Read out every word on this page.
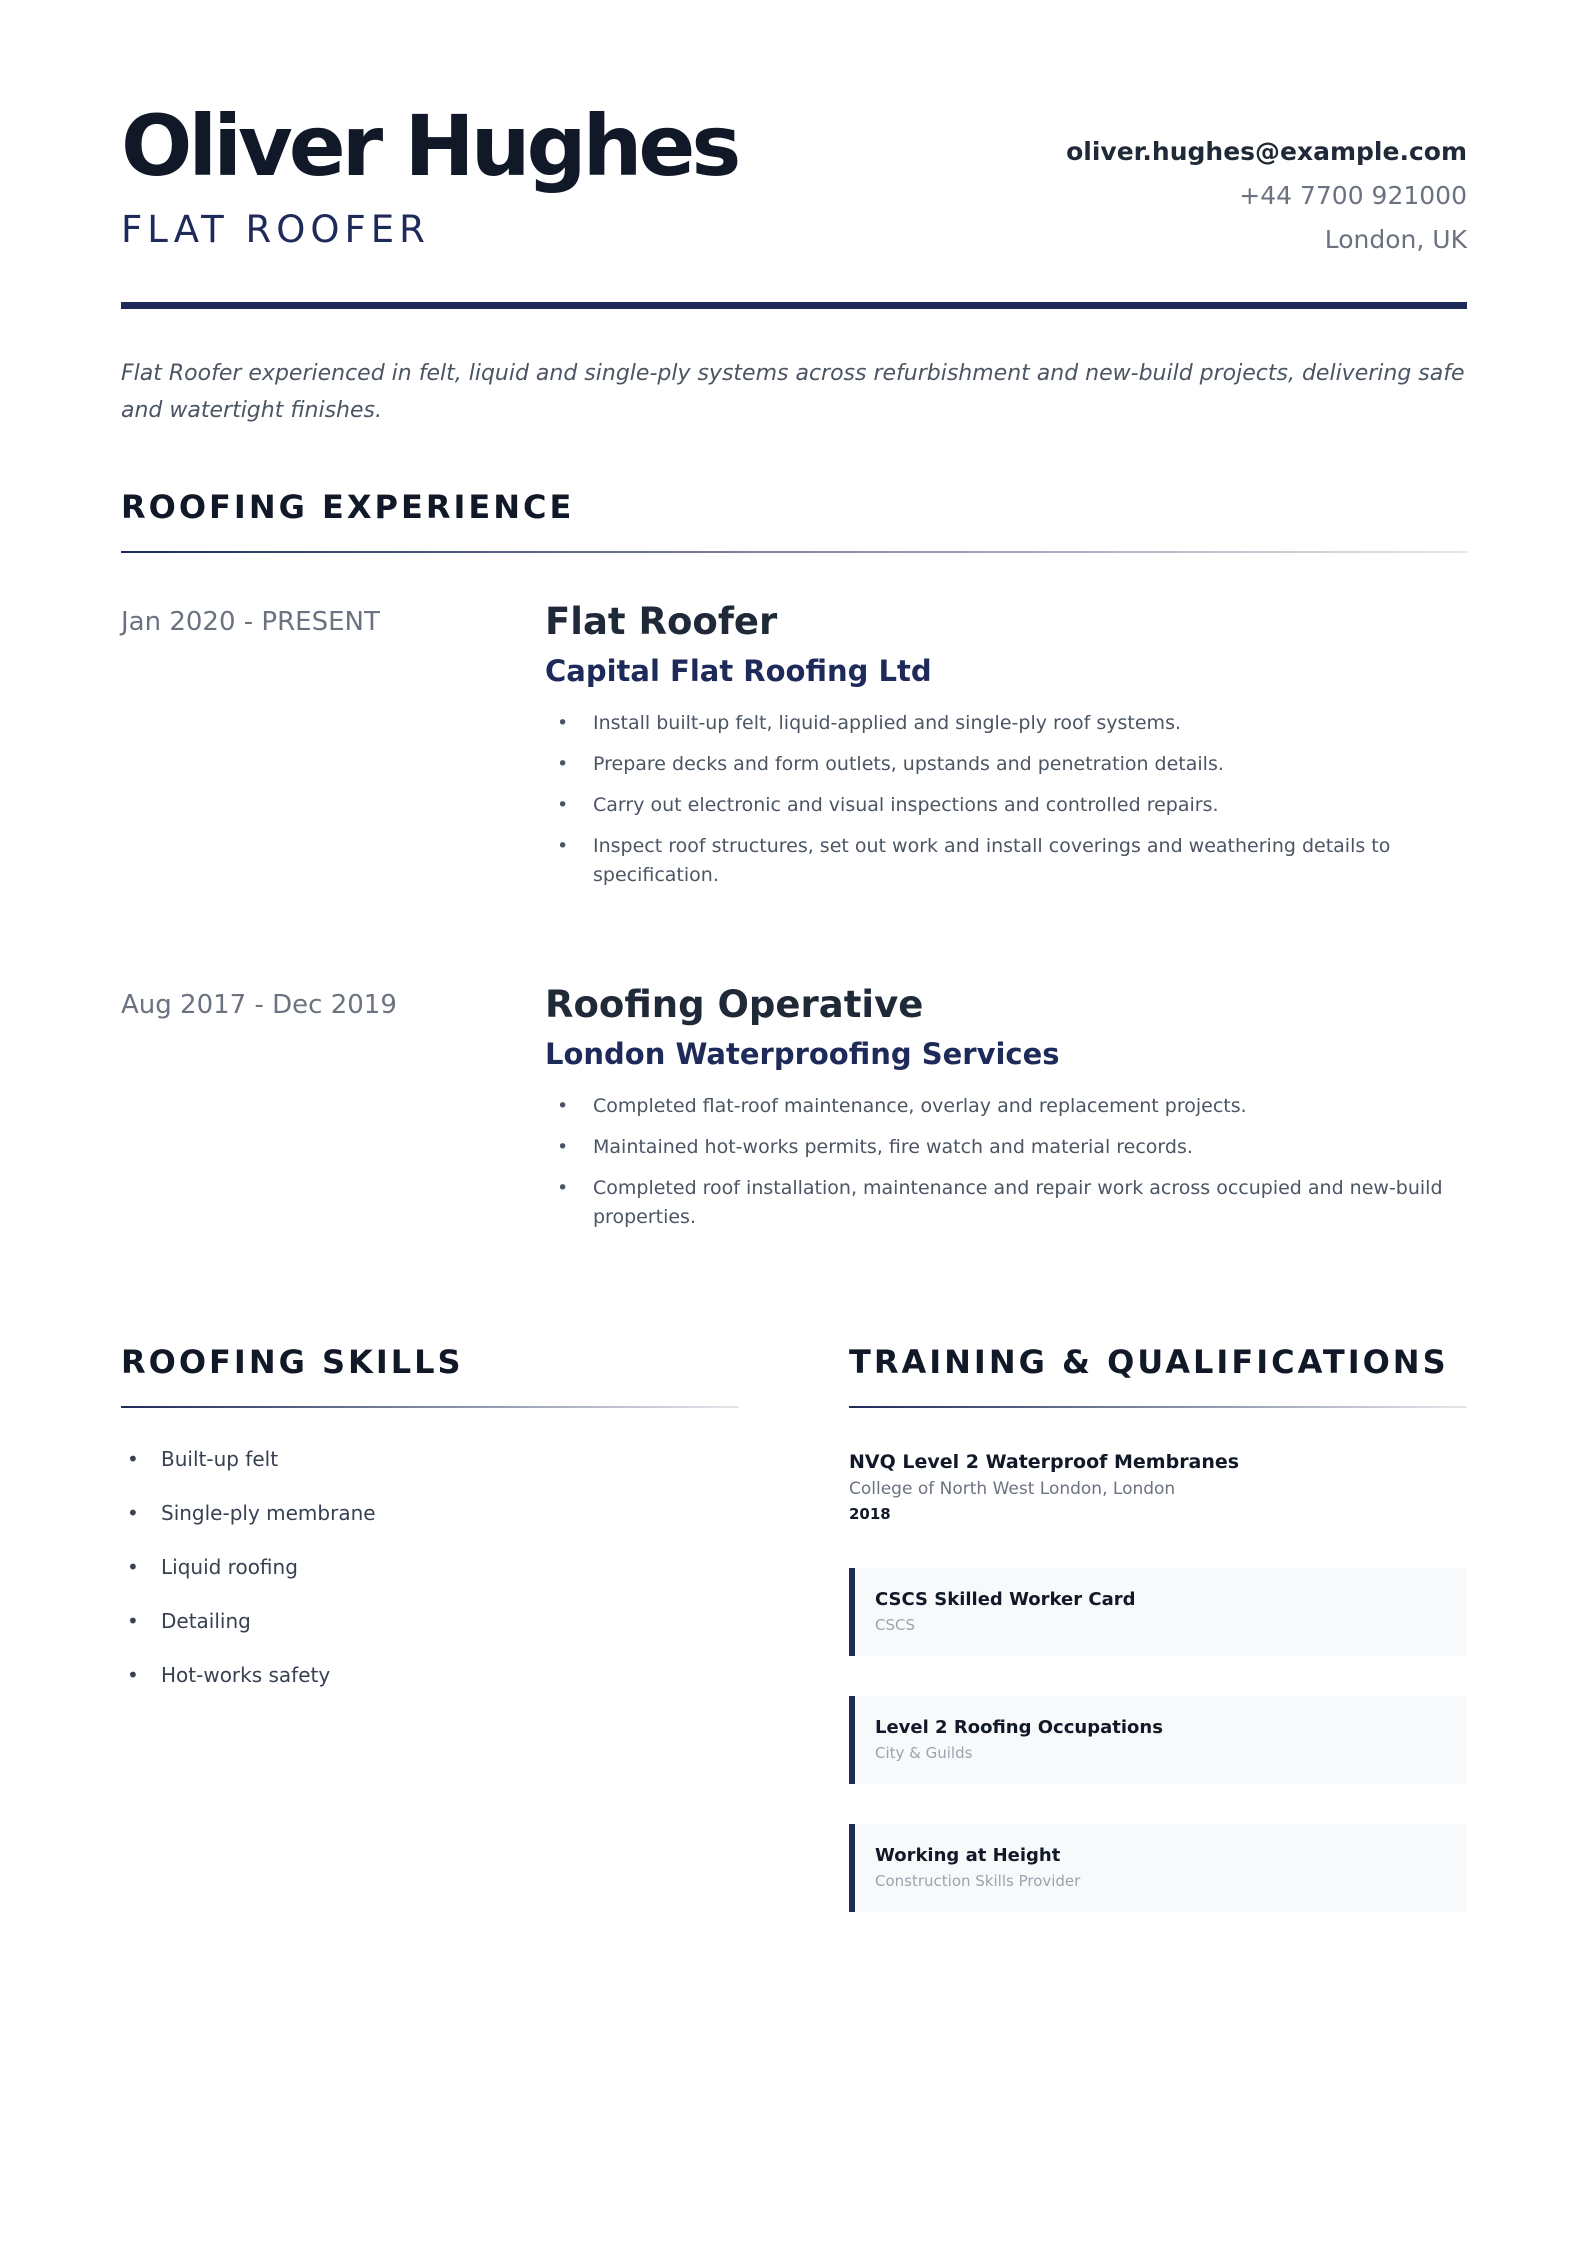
Oliver Hughes
FLAT ROOFER
oliver.hughes@example.com
+44 7700 921000
London, UK
Flat Roofer experienced in felt, liquid and single-ply systems across refurbishment and new-build projects, delivering safe and watertight finishes.
ROOFING EXPERIENCE
Jan 2020 - PRESENT	Flat Roofer
Capital Flat Roofing Ltd
• Install built-up felt, liquid-applied and single-ply roof systems.
• Prepare decks and form outlets, upstands and penetration details.
• Carry out electronic and visual inspections and controlled repairs.
• Inspect roof structures, set out work and install coverings and weathering details to specification.
Aug 2017 - Dec 2019	Roofing Operative
London Waterproofing Services
• Completed flat-roof maintenance, overlay and replacement projects.
• Maintained hot-works permits, fire watch and material records.
• Completed roof installation, maintenance and repair work across occupied and new-build properties.
ROOFING SKILLS
• Built-up felt
• Single-ply membrane
• Liquid roofing
• Detailing
• Hot-works safety
TRAINING & QUALIFICATIONS
NVQ Level 2 Waterproof Membranes
College of North West London, London
2018
CSCS Skilled Worker Card
CSCS
Level 2 Roofing Occupations
City & Guilds
Working at Height
Construction Skills Provider
